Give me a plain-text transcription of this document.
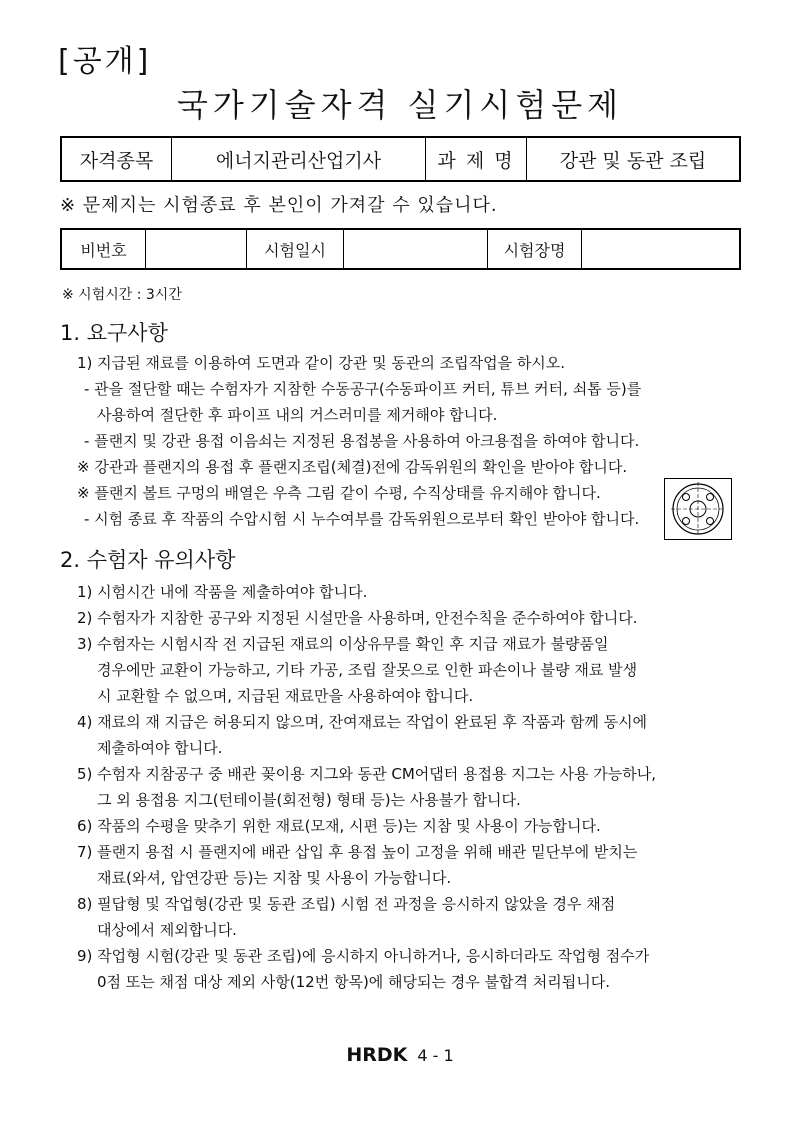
[공개]
국가기술자격 실기시험문제
자격종목	에너지관리산업기사	과 제 명	강관 및 동관 조립
※ 문제지는 시험종료 후 본인이 가져갈 수 있습니다.
비번호		시험일시		시험장명	
※ 시험시간 : 3시간
1. 요구사항
1) 지급된 재료를 이용하여 도면과 같이 강관 및 동관의 조립작업을 하시오.
- 관을 절단할 때는 수험자가 지참한 수동공구(수동파이프 커터, 튜브 커터, 쇠톱 등)를
사용하여 절단한 후 파이프 내의 거스러미를 제거해야 합니다.
- 플랜지 및 강관 용접 이음쇠는 지정된 용접봉을 사용하여 아크용접을 하여야 합니다.
※ 강관과 플랜지의 용접 후 플랜지조립(체결)전에 감독위원의 확인을 받아야 합니다.
※ 플랜지 볼트 구멍의 배열은 우측 그림 같이 수평, 수직상태를 유지해야 합니다.
- 시험 종료 후 작품의 수압시험 시 누수여부를 감독위원으로부터 확인 받아야 합니다.
2. 수험자 유의사항
1) 시험시간 내에 작품을 제출하여야 합니다.
2) 수험자가 지참한 공구와 지정된 시설만을 사용하며, 안전수칙을 준수하여야 합니다.
3) 수험자는 시험시작 전 지급된 재료의 이상유무를 확인 후 지급 재료가 불량품일
경우에만 교환이 가능하고, 기타 가공, 조립 잘못으로 인한 파손이나 불량 재료 발생
시 교환할 수 없으며, 지급된 재료만을 사용하여야 합니다.
4) 재료의 재 지급은 허용되지 않으며, 잔여재료는 작업이 완료된 후 작품과 함께 동시에
제출하여야 합니다.
5) 수험자 지참공구 중 배관 꽂이용 지그와 동관 CM어댑터 용접용 지그는 사용 가능하나,
그 외 용접용 지그(턴테이블(회전형) 형태 등)는 사용불가 합니다.
6) 작품의 수평을 맞추기 위한 재료(모재, 시편 등)는 지참 및 사용이 가능합니다.
7) 플랜지 용접 시 플랜지에 배관 삽입 후 용접 높이 고정을 위해 배관 밑단부에 받치는
재료(와셔, 압연강판 등)는 지참 및 사용이 가능합니다.
8) 필답형 및 작업형(강관 및 동관 조립) 시험 전 과정을 응시하지 않았을 경우 채점
대상에서 제외합니다.
9) 작업형 시험(강관 및 동관 조립)에 응시하지 아니하거나, 응시하더라도 작업형 점수가
0점 또는 채점 대상 제외 사항(12번 항목)에 해당되는 경우 불합격 처리됩니다.
HRDK 4 - 1
